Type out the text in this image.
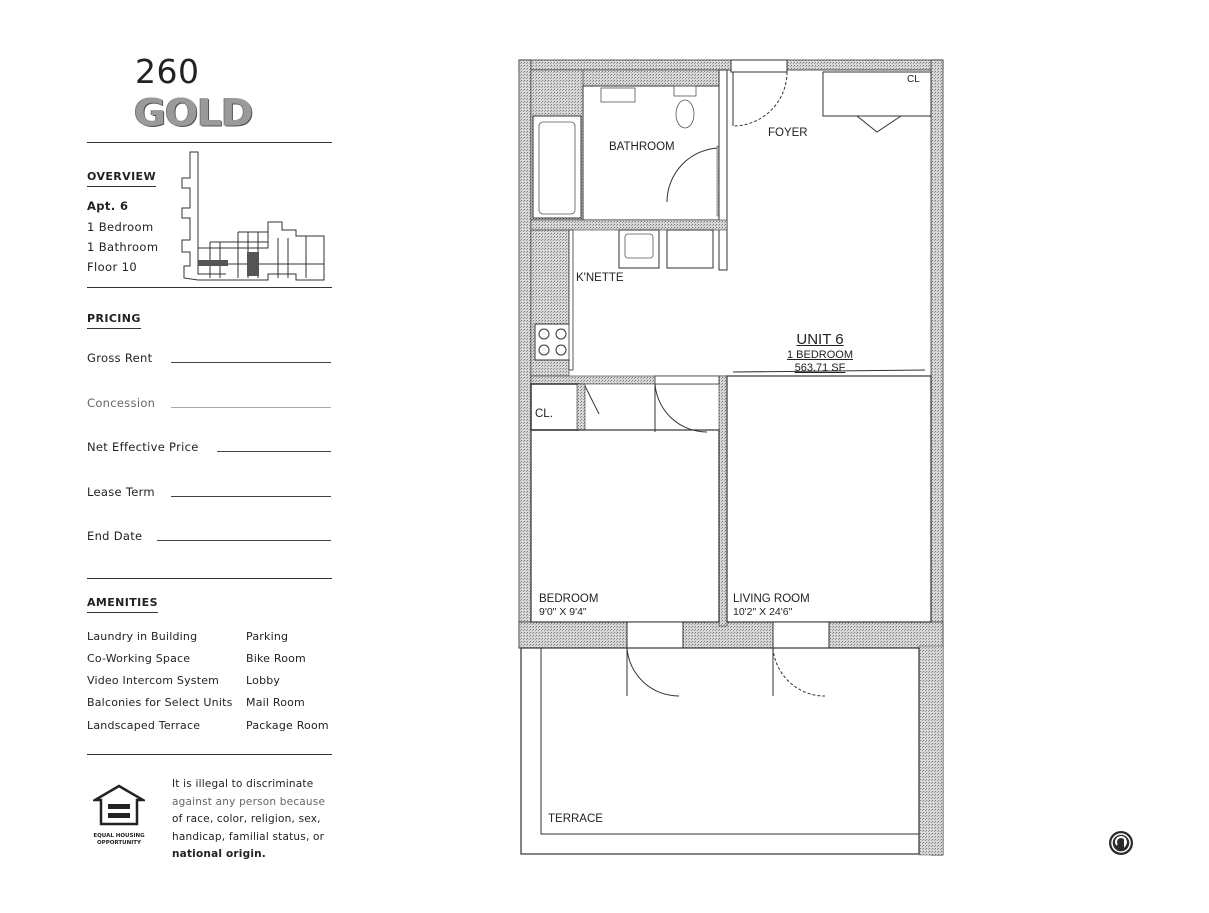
260
GOLD
OVERVIEW
Apt. 6
1 Bedroom
1 Bathroom
Floor 10
PRICING
Gross Rent
Concession
Net Effective Price
Lease Term
End Date
AMENITIES
Laundry in Building
Co-Working Space
Video Intercom System
Balconies for Select Units
Landscaped Terrace
Parking
Bike Room
Lobby
Mail Room
Package Room
EQUAL HOUSING
OPPORTUNITY
It is illegal to discriminate
against any person because
of race, color, religion, sex,
handicap, familial status, or
national origin.
BATHROOM
FOYER
CL
K'NETTE
UNIT 6
1 BEDROOM
563.71 SF
CL.
BEDROOM
9'0" X 9'4"
LIVING ROOM
10'2" X 24'6"
TERRACE
